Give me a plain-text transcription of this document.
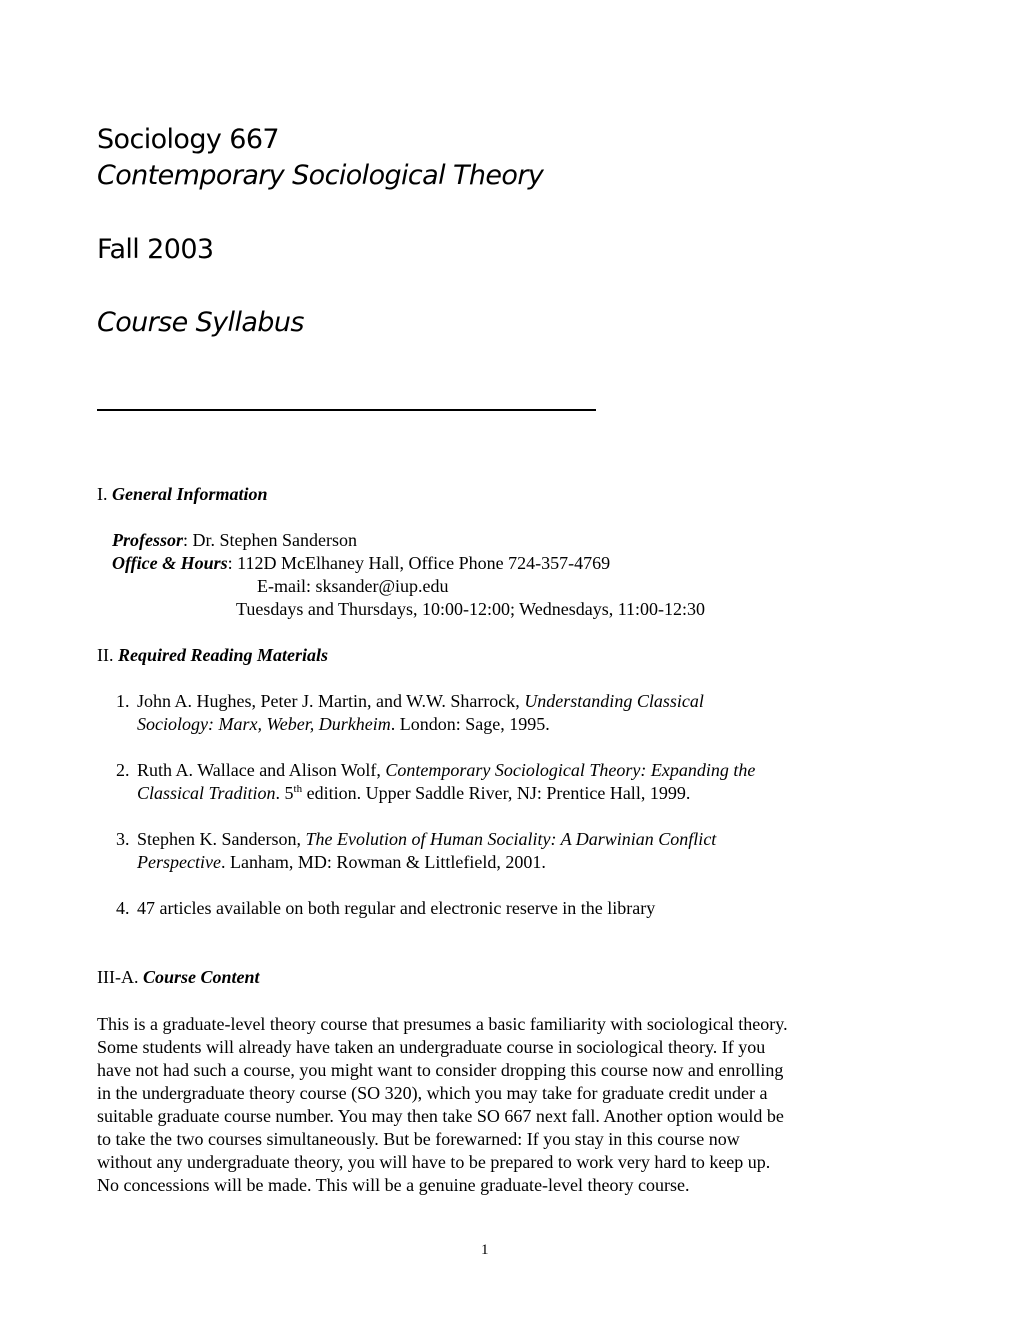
Sociology 667
Contemporary Sociological Theory
Fall 2003
Course Syllabus
I. General Information
Professor: Dr. Stephen Sanderson
Office & Hours: 112D McElhaney Hall, Office Phone 724-357-4769
E-mail: sksander@iup.edu
Tuesdays and Thursdays, 10:00-12:00; Wednesdays, 11:00-12:30
II. Required Reading Materials
1. John A. Hughes, Peter J. Martin, and W.W. Sharrock, Understanding Classical
Sociology: Marx, Weber, Durkheim. London: Sage, 1995.
2. Ruth A. Wallace and Alison Wolf, Contemporary Sociological Theory: Expanding the
Classical Tradition. 5th edition. Upper Saddle River, NJ: Prentice Hall, 1999.
3. Stephen K. Sanderson, The Evolution of Human Sociality: A Darwinian Conflict
Perspective. Lanham, MD: Rowman & Littlefield, 2001.
4. 47 articles available on both regular and electronic reserve in the library
III-A. Course Content
This is a graduate-level theory course that presumes a basic familiarity with sociological theory.
Some students will already have taken an undergraduate course in sociological theory. If you
have not had such a course, you might want to consider dropping this course now and enrolling
in the undergraduate theory course (SO 320), which you may take for graduate credit under a
suitable graduate course number. You may then take SO 667 next fall. Another option would be
to take the two courses simultaneously. But be forewarned: If you stay in this course now
without any undergraduate theory, you will have to be prepared to work very hard to keep up.
No concessions will be made. This will be a genuine graduate-level theory course.
1
